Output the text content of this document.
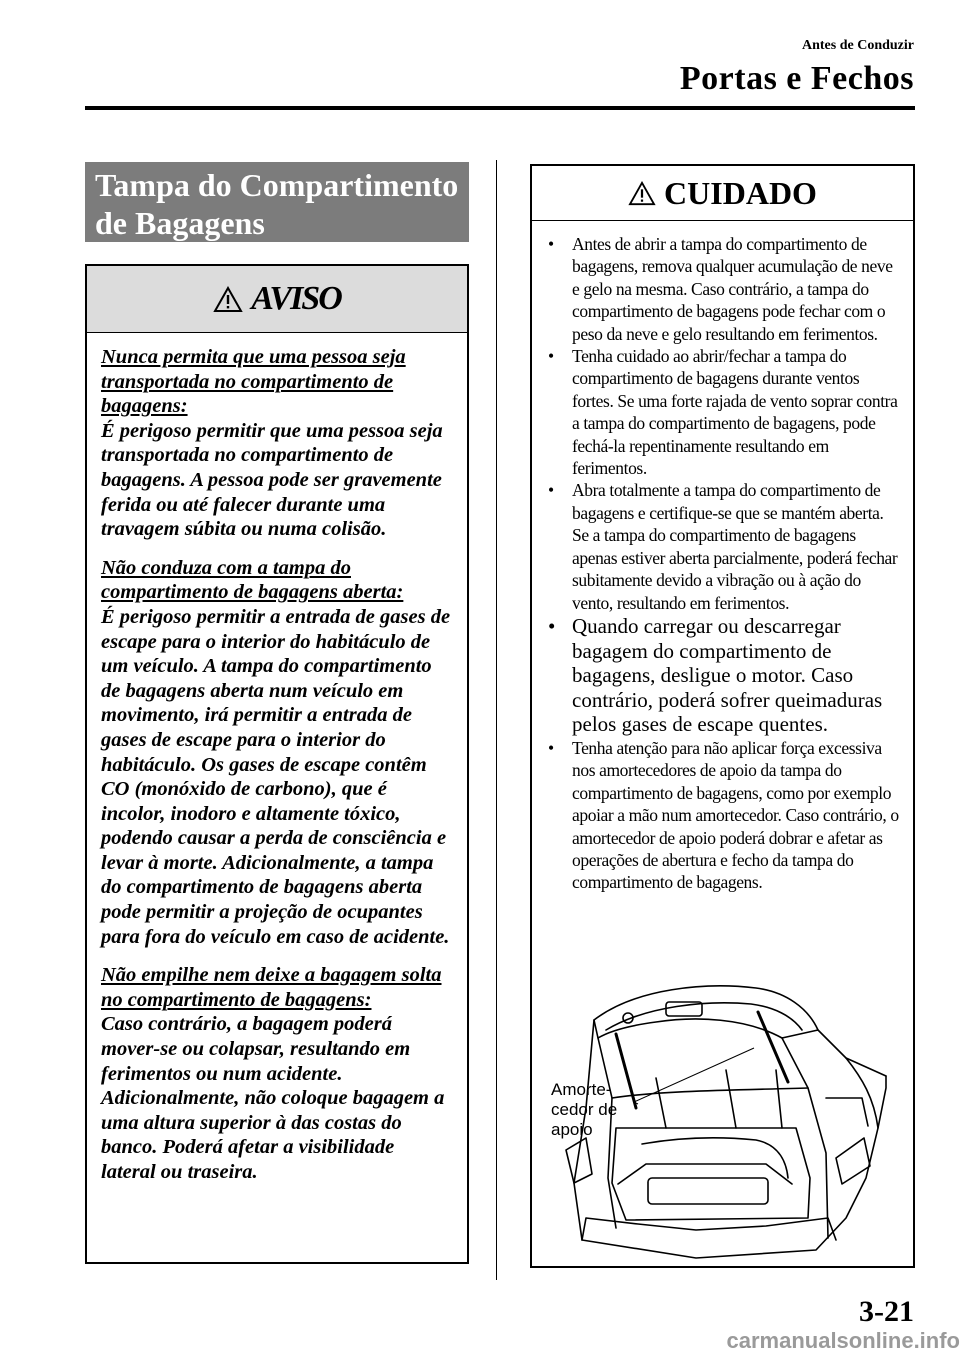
Antes de Conduzir
Portas e Fechos
Tampa do Compartimento de Bagagens
AVISO
Nunca permita que uma pessoa seja transportada no compartimento de bagagens:
É perigoso permitir que uma pessoa seja transportada no compartimento de bagagens. A pessoa pode ser gravemente ferida ou até falecer durante uma travagem súbita ou numa colisão.
Não conduza com a tampa do compartimento de bagagens aberta:
É perigoso permitir a entrada de gases de escape para o interior do habitáculo de um veículo. A tampa do compartimento de bagagens aberta num veículo em movimento, irá permitir a entrada de gases de escape para o interior do habitáculo. Os gases de escape contêm CO (monóxido de carbono), que é incolor, inodoro e altamente tóxico, podendo causar a perda de consciência e levar à morte. Adicionalmente, a tampa do compartimento de bagagens aberta pode permitir a projeção de ocupantes para fora do veículo em caso de acidente.
Não empilhe nem deixe a bagagem solta no compartimento de bagagens:
Caso contrário, a bagagem poderá mover-se ou colapsar, resultando em ferimentos ou num acidente. Adicionalmente, não coloque bagagem a uma altura superior à das costas do banco. Poderá afetar a visibilidade lateral ou traseira.
CUIDADO
• Antes de abrir a tampa do compartimento de bagagens, remova qualquer acumulação de neve e gelo na mesma. Caso contrário, a tampa do compartimento de bagagens pode fechar com o peso da neve e gelo resultando em ferimentos.
• Tenha cuidado ao abrir/fechar a tampa do compartimento de bagagens durante ventos fortes. Se uma forte rajada de vento soprar contra a tampa do compartimento de bagagens, pode fechá-la repentinamente resultando em ferimentos.
• Abra totalmente a tampa do compartimento de bagagens e certifique-se que se mantém aberta. Se a tampa do compartimento de bagagens apenas estiver aberta parcialmente, poderá fechar subitamente devido a vibração ou à ação do vento, resultando em ferimentos.
• Quando carregar ou descarregar bagagem do compartimento de bagagens, desligue o motor. Caso contrário, poderá sofrer queimaduras pelos gases de escape quentes.
• Tenha atenção para não aplicar força excessiva nos amortecedores de apoio da tampa do compartimento de bagagens, como por exemplo apoiar a mão num amortecedor. Caso contrário, o amortecedor de apoio poderá dobrar e afetar as operações de abertura e fecho da tampa do compartimento de bagagens.
Amorte-
cedor de
apoio
3-21
carmanualsonline.info
